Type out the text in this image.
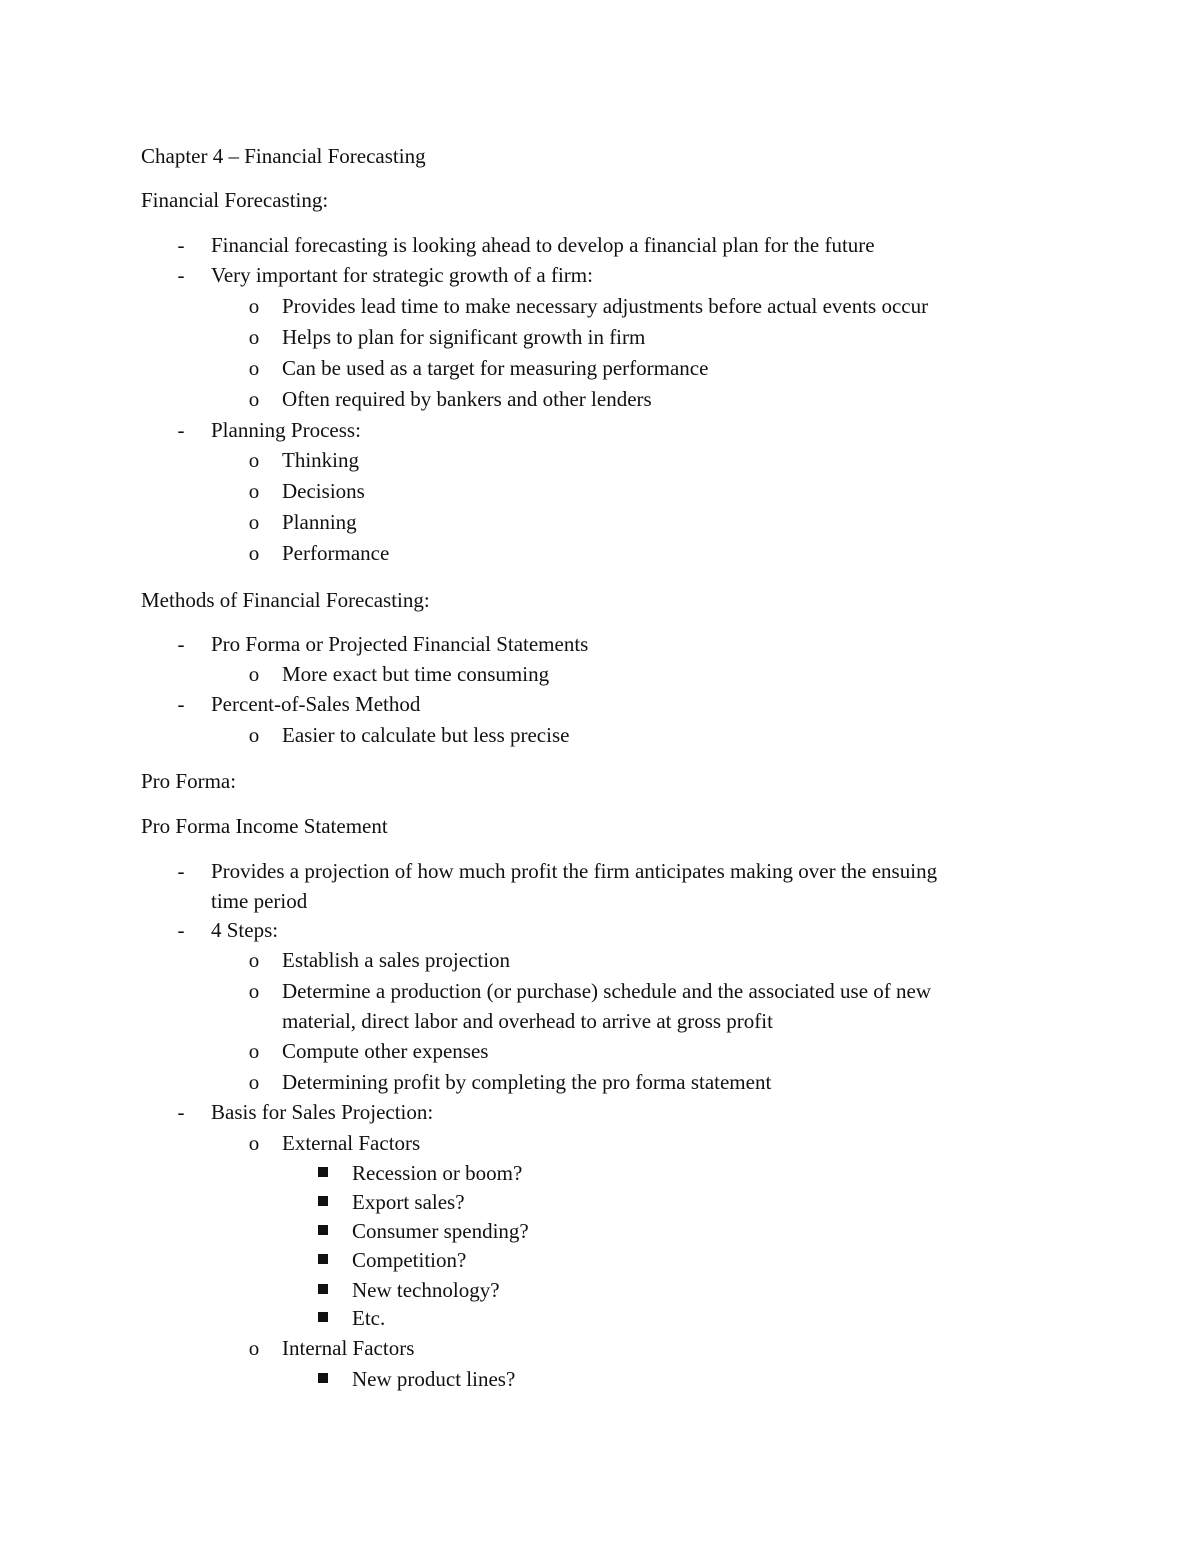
Chapter 4 – Financial Forecasting
Financial Forecasting:
- Financial forecasting is looking ahead to develop a financial plan for the future
- Very important for strategic growth of a firm:
o Provides lead time to make necessary adjustments before actual events occur
o Helps to plan for significant growth in firm
o Can be used as a target for measuring performance
o Often required by bankers and other lenders
- Planning Process:
o Thinking
o Decisions
o Planning
o Performance
Methods of Financial Forecasting:
- Pro Forma or Projected Financial Statements
o More exact but time consuming
- Percent-of-Sales Method
o Easier to calculate but less precise
Pro Forma:
Pro Forma Income Statement
- Provides a projection of how much profit the firm anticipates making over the ensuing
time period
- 4 Steps:
o Establish a sales projection
o Determine a production (or purchase) schedule and the associated use of new
material, direct labor and overhead to arrive at gross profit
o Compute other expenses
o Determining profit by completing the pro forma statement
- Basis for Sales Projection:
o External Factors
Recession or boom?
Export sales?
Consumer spending?
Competition?
New technology?
Etc.
o Internal Factors
New product lines?
